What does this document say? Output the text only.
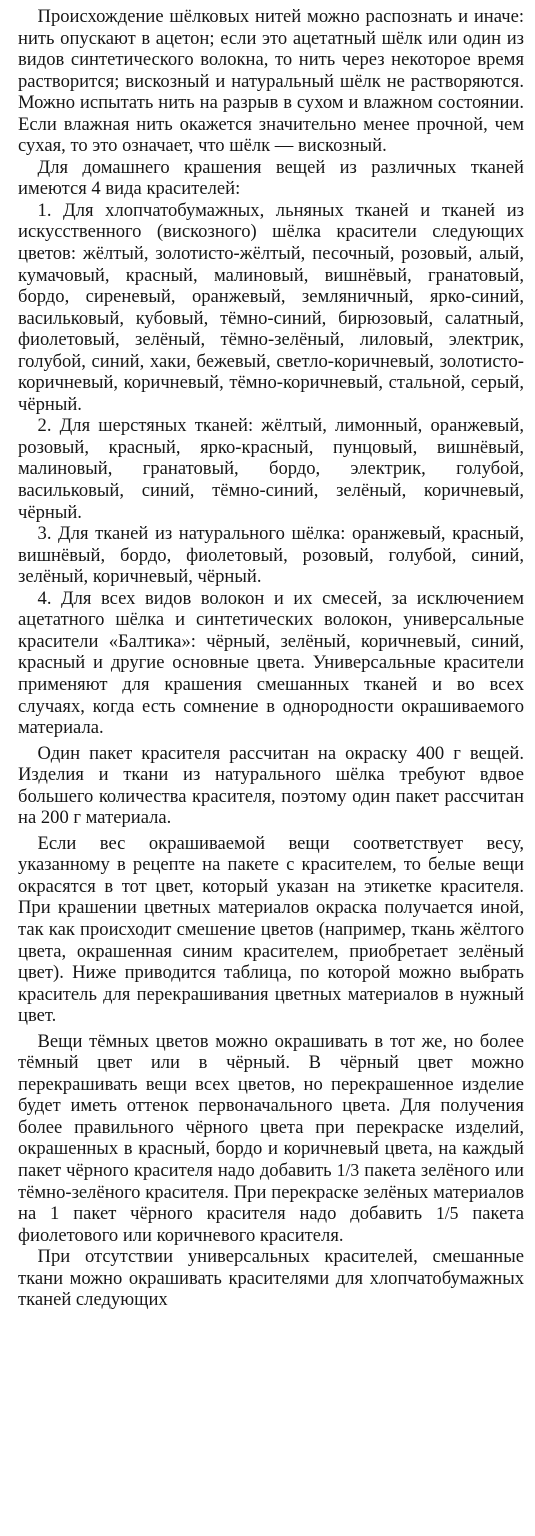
Происхождение шёлковых нитей можно распознать и иначе: нить опускают в ацетон; если это ацетатный шёлк или один из видов синтетического волокна, то нить через некоторое время растворится; вискозный и натуральный шёлк не растворяются. Можно испытать нить на разрыв в сухом и влажном состоянии. Если влажная нить окажется значительно менее прочной, чем сухая, то это означает, что шёлк — вискозный.

Для домашнего крашения вещей из различных тканей имеются 4 вида красителей:

1. Для хлопчатобумажных, льняных тканей и тканей из искусственного (вискозного) шёлка красители следующих цветов: жёлтый, золотисто-жёлтый, песочный, розовый, алый, кумачовый, красный, малиновый, вишнёвый, гранатовый, бордо, сиреневый, оранжевый, земляничный, ярко-синий, васильковый, кубовый, тёмно-синий, бирюзовый, салатный, фиолетовый, зелёный, тёмно-зелёный, лиловый, электрик, голубой, синий, хаки, бежевый, светло-коричневый, золотисто-коричневый, коричневый, тёмно-коричневый, стальной, серый, чёрный.

2. Для шерстяных тканей: жёлтый, лимонный, оранжевый, розовый, красный, ярко-красный, пунцовый, вишнёвый, малиновый, гранатовый, бордо, электрик, голубой, васильковый, синий, тёмно-синий, зелёный, коричневый, чёрный.

3. Для тканей из натурального шёлка: оранжевый, красный, вишнёвый, бордо, фиолетовый, розовый, голубой, синий, зелёный, коричневый, чёрный.

4. Для всех видов волокон и их смесей, за исключением ацетатного шёлка и синтетических волокон, универсальные красители «Балтика»: чёрный, зелёный, коричневый, синий, красный и другие основные цвета. Универсальные красители применяют для крашения смешанных тканей и во всех случаях, когда есть сомнение в однородности окрашиваемого материала.

Один пакет красителя рассчитан на окраску 400 г вещей. Изделия и ткани из натурального шёлка требуют вдвое большего количества красителя, поэтому один пакет рассчитан на 200 г материала.

Если вес окрашиваемой вещи соответствует весу, указанному в рецепте на пакете с красителем, то белые вещи окрасятся в тот цвет, который указан на этикетке красителя. При крашении цветных материалов окраска получается иной, так как происходит смешение цветов (например, ткань жёлтого цвета, окрашенная синим красителем, приобретает зелёный цвет). Ниже приводится таблица, по которой можно выбрать краситель для перекрашивания цветных материалов в нужный цвет.

Вещи тёмных цветов можно окрашивать в тот же, но более тёмный цвет или в чёрный. В чёрный цвет можно перекрашивать вещи всех цветов, но перекрашенное изделие будет иметь оттенок первоначального цвета. Для получения более правильного чёрного цвета при перекраске изделий, окрашенных в красный, бордо и коричневый цвета, на каждый пакет чёрного красителя надо добавить 1/3 пакета зелёного или тёмно-зелёного красителя. При перекраске зелёных материалов на 1 пакет чёрного красителя надо добавить 1/5 пакета фиолетового или коричневого красителя.

При отсутствии универсальных красителей, смешанные ткани можно окрашивать красителями для хлопчатобумажных тканей следующих
